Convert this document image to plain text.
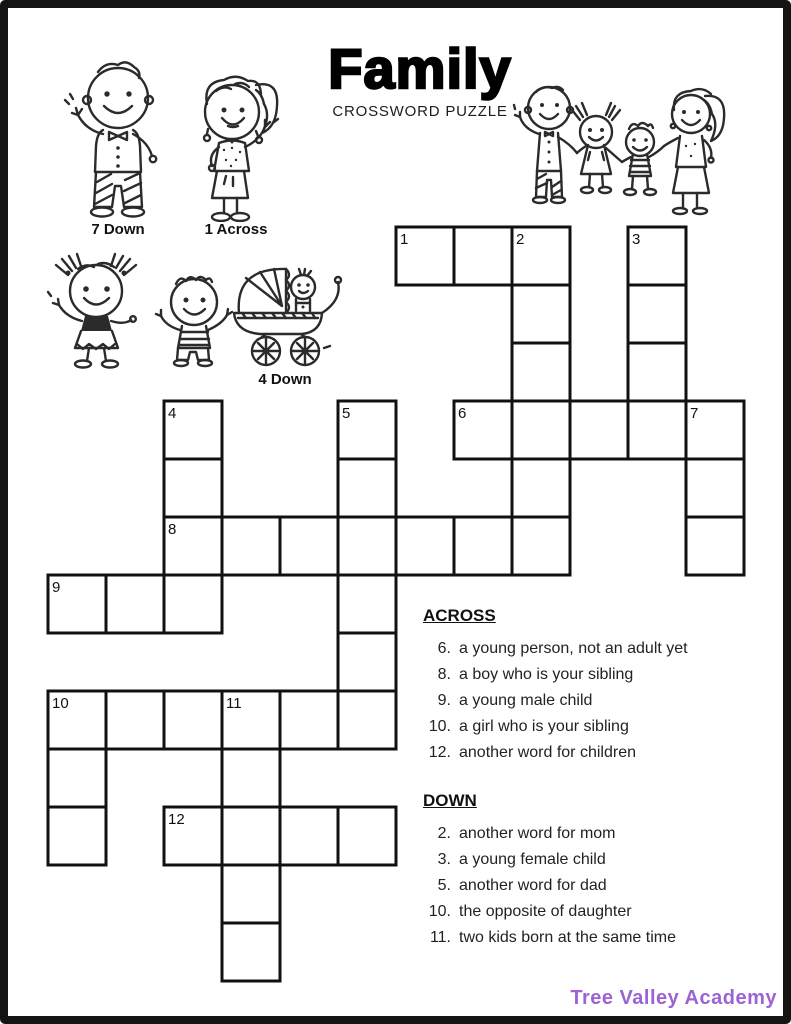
Family
CROSSWORD PUZZLE
7 Down	1 Across
4 Down
1	2	3
4	5	6	7
8
9
10	11
12
ACROSS
6. a young person, not an adult yet
8. a boy who is your sibling
9. a young male child
10. a girl who is your sibling
12. another word for children
DOWN
2. another word for mom
3. a young female child
5. another word for dad
10. the opposite of daughter
11. two kids born at the same time
Tree Valley Academy
